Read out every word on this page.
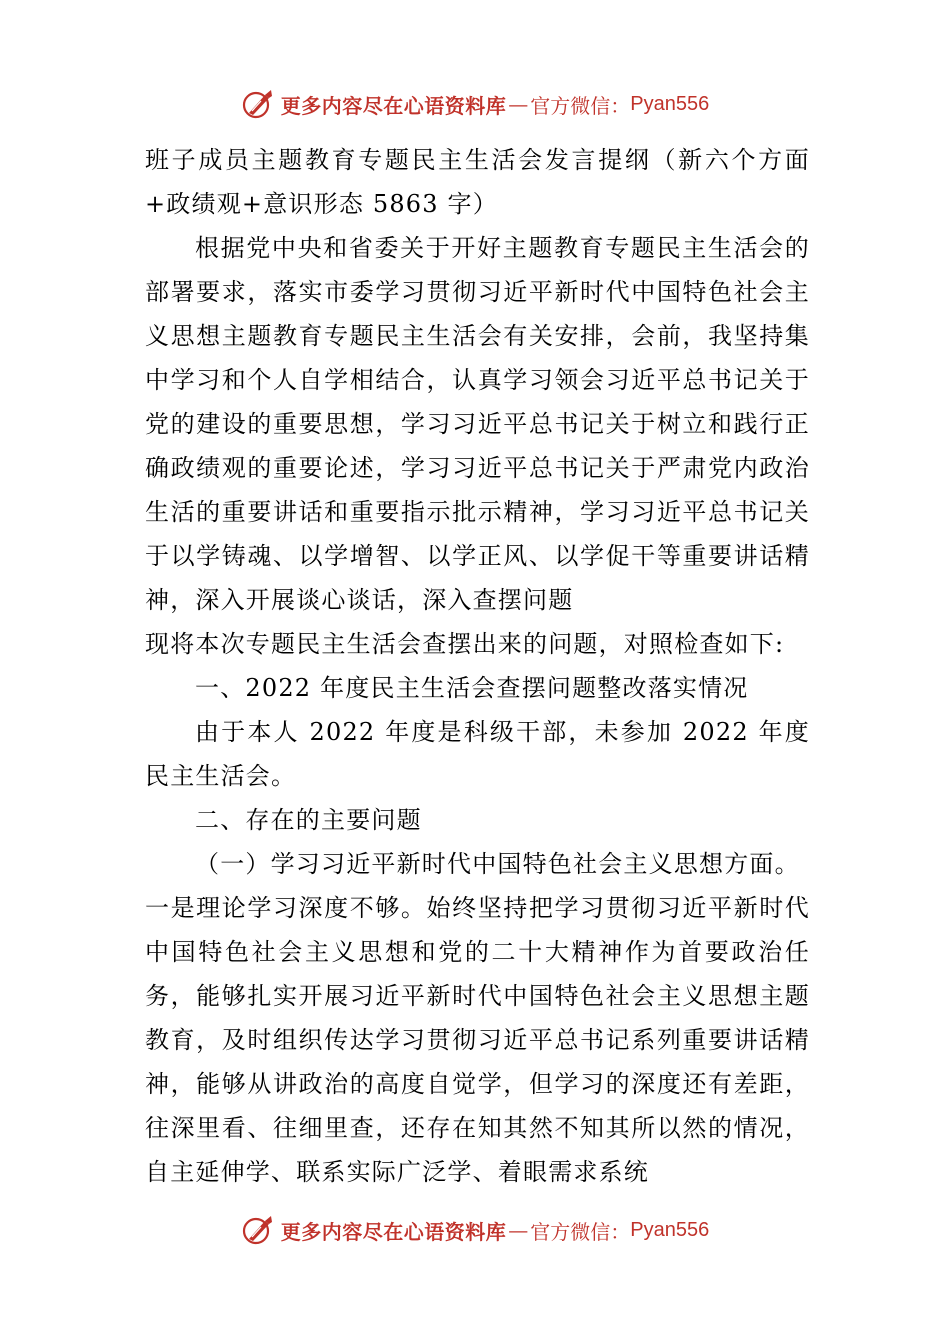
更多内容尽在心语资料库 — 官方微信： Pyan556

班子成员主题教育专题民主生活会发言提纲（新六个方面+政绩观+意识形态 5863 字）

根据党中央和省委关于开好主题教育专题民主生活会的部署要求，落实市委学习贯彻习近平新时代中国特色社会主义思想主题教育专题民主生活会有关安排，会前，我坚持集中学习和个人自学相结合，认真学习领会习近平总书记关于党的建设的重要思想，学习习近平总书记关于树立和践行正确政绩观的重要论述，学习习近平总书记关于严肃党内政治生活的重要讲话和重要指示批示精神，学习习近平总书记关于以学铸魂、以学增智、以学正风、以学促干等重要讲话精神，深入开展谈心谈话，深入查摆问题

现将本次专题民主生活会查摆出来的问题，对照检查如下:

一、2022 年度民主生活会查摆问题整改落实情况

由于本人 2022 年度是科级干部，未参加 2022 年度民主生活会。

二、存在的主要问题

（一）学习习近平新时代中国特色社会主义思想方面。

一是理论学习深度不够。始终坚持把学习贯彻习近平新时代中国特色社会主义思想和党的二十大精神作为首要政治任务，能够扎实开展习近平新时代中国特色社会主义思想主题教育，及时组织传达学习贯彻习近平总书记系列重要讲话精神，能够从讲政治的高度自觉学，但学习的深度还有差距，往深里看、往细里查，还存在知其然不知其所以然的情况，自主延伸学、联系实际广泛学、着眼需求系统

更多内容尽在心语资料库 — 官方微信： Pyan556
